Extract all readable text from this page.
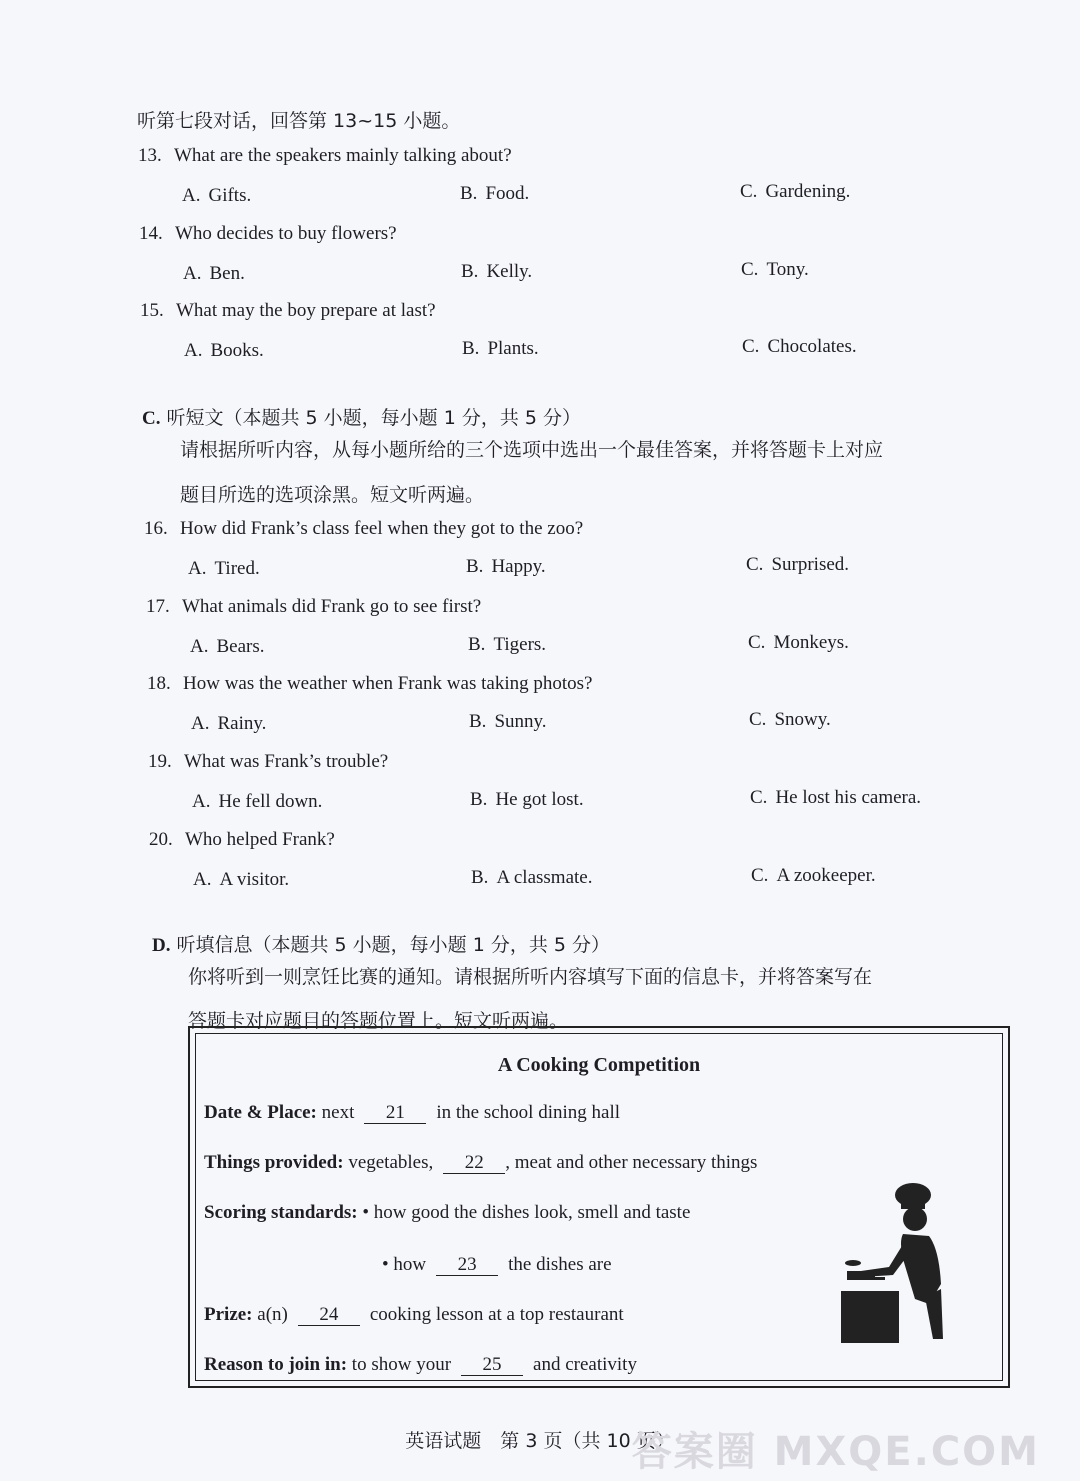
听第七段对话，回答第 13~15 小题。
13. What are the speakers mainly talking about?
A. Gifts.	B. Food.	C. Gardening.
14. Who decides to buy flowers?
A. Ben.	B. Kelly.	C. Tony.
15. What may the boy prepare at last?
A. Books.	B. Plants.	C. Chocolates.
C. 听短文（本题共 5 小题，每小题 1 分，共 5 分）
请根据所听内容，从每小题所给的三个选项中选出一个最佳答案，并将答题卡上对应
题目所选的选项涂黑。短文听两遍。
16. How did Frank’s class feel when they got to the zoo?
A. Tired.	B. Happy.	C. Surprised.
17. What animals did Frank go to see first?
A. Bears.	B. Tigers.	C. Monkeys.
18. How was the weather when Frank was taking photos?
A. Rainy.	B. Sunny.	C. Snowy.
19. What was Frank’s trouble?
A. He fell down.	B. He got lost.	C. He lost his camera.
20. Who helped Frank?
A. A visitor.	B. A classmate.	C. A zookeeper.
D. 听填信息（本题共 5 小题，每小题 1 分，共 5 分）
你将听到一则烹饪比赛的通知。请根据所听内容填写下面的信息卡，并将答案写在
答题卡对应题目的答题位置上。短文听两遍。
A Cooking Competition
Date & Place: next 21 in the school dining hall
Things provided: vegetables, 22 , meat and other necessary things
Scoring standards: • how good the dishes look, smell and taste
• how 23 the dishes are
Prize: a(n) 24 cooking lesson at a top restaurant
Reason to join in: to show your 25 and creativity
英语试题　第 3 页（共 10 页）
答案圈 MXQE.COM
